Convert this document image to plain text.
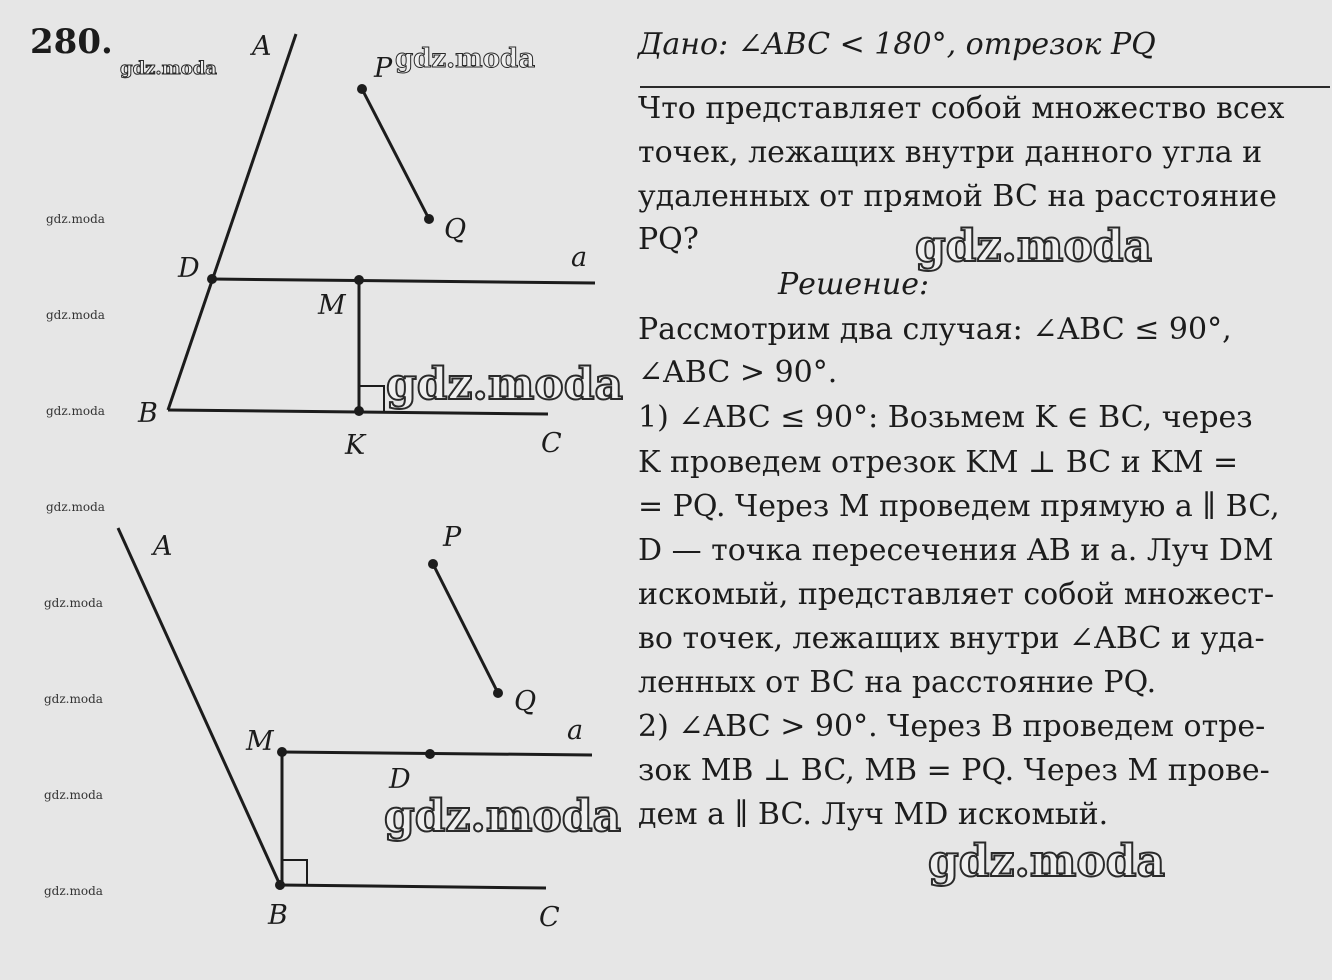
280.	A
P
Q
D
M
a
B
K	C
A	P
Q
M	a
D
B	C
Дано: ∠ABC < 180°, отрезок PQ
Что представляет собой множество всех
точек, лежащих внутри данного угла и
удаленных от прямой BC на расстояние
PQ?
Решение:
Рассмотрим два случая: ∠ABC ≤ 90°,
∠ABC > 90°.
1) ∠ABC ≤ 90°: Возьмем K ∈ BC, через
K проведем отрезок KM ⊥ BC и KM =
= PQ. Через M проведем прямую a ∥ BC,
D — точка пересечения AB и a. Луч DM
искомый, представляет собой множест-
во точек, лежащих внутри ∠ABC и уда-
ленных от BC на расстояние PQ.
2) ∠ABC > 90°. Через B проведем отре-
зок MB ⊥ BC, MB = PQ. Через M прове-
дем a ∥ BC. Луч MD искомый.
gdz.moda
gdz.moda
gdz.moda
gdz.moda
gdz.moda
gdz.moda
gdz.moda
gdz.moda
gdz.moda	gdz.moda
gdz.moda
gdz.moda
gdz.moda
gdz.moda
